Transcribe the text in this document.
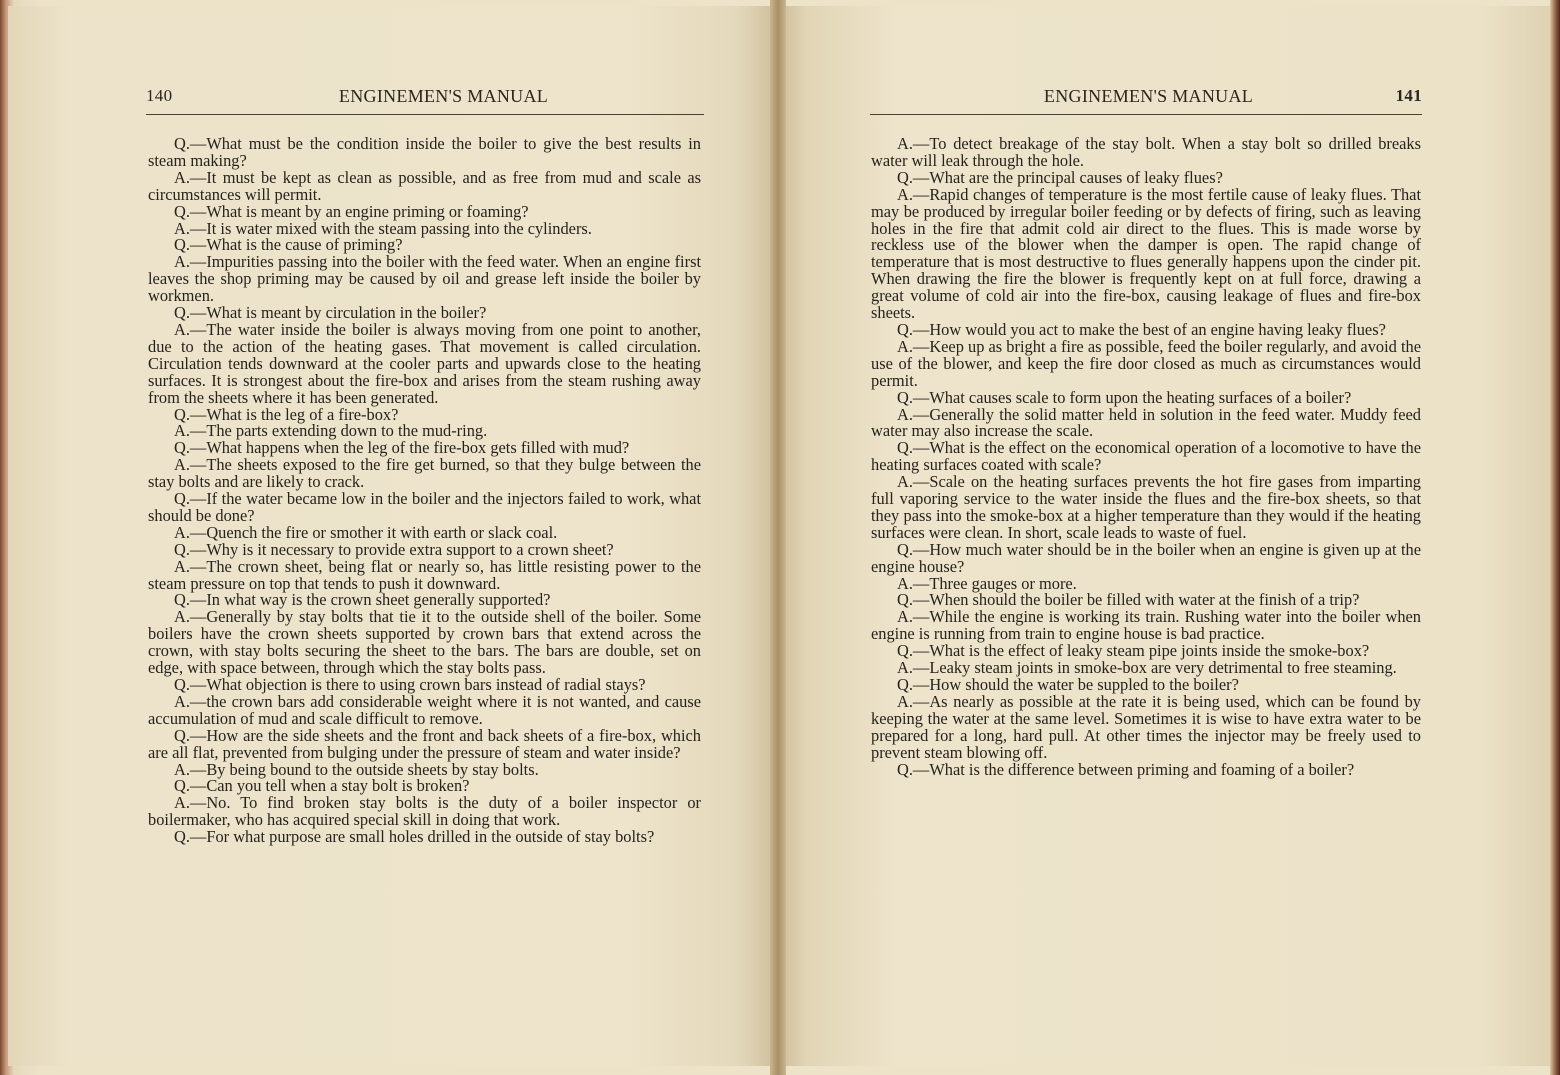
140	ENGINEMEN'S MANUAL

Q.—What must be the condition inside the boiler to give the best results in steam making?

A.—It must be kept as clean as possible, and as free from mud and scale as circumstances will permit.

Q.—What is meant by an engine priming or foaming?

A.—It is water mixed with the steam passing into the cylinders.

Q.—What is the cause of priming?

A.—Impurities passing into the boiler with the feed water. When an engine first leaves the shop priming may be caused by oil and grease left inside the boiler by workmen.

Q.—What is meant by circulation in the boiler?

A.—The water inside the boiler is always moving from one point to another, due to the action of the heating gases. That movement is called circulation. Circulation tends downward at the cooler parts and upwards close to the heating surfaces. It is strongest about the fire-box and arises from the steam rushing away from the sheets where it has been generated.

Q.—What is the leg of a fire-box?

A.—The parts extending down to the mud-ring.

Q.—What happens when the leg of the fire-box gets filled with mud?

A.—The sheets exposed to the fire get burned, so that they bulge between the stay bolts and are likely to crack.

Q.—If the water became low in the boiler and the injectors failed to work, what should be done?

A.—Quench the fire or smother it with earth or slack coal.

Q.—Why is it necessary to provide extra support to a crown sheet?

A.—The crown sheet, being flat or nearly so, has little resisting power to the steam pressure on top that tends to push it downward.

Q.—In what way is the crown sheet generally supported?

A.—Generally by stay bolts that tie it to the outside shell of the boiler. Some boilers have the crown sheets supported by crown bars that extend across the crown, with stay bolts securing the sheet to the bars. The bars are double, set on edge, with space between, through which the stay bolts pass.

Q.—What objection is there to using crown bars instead of radial stays?

A.—the crown bars add considerable weight where it is not wanted, and cause accumulation of mud and scale difficult to remove.

Q.—How are the side sheets and the front and back sheets of a fire-box, which are all flat, prevented from bulging under the pressure of steam and water inside?

A.—By being bound to the outside sheets by stay bolts.

Q.—Can you tell when a stay bolt is broken?

A.—No. To find broken stay bolts is the duty of a boiler inspector or boilermaker, who has acquired special skill in doing that work.

Q.—For what purpose are small holes drilled in the outside of stay bolts?

ENGINEMEN'S MANUAL	141

A.—To detect breakage of the stay bolt. When a stay bolt so drilled breaks water will leak through the hole.

Q.—What are the principal causes of leaky flues?

A.—Rapid changes of temperature is the most fertile cause of leaky flues. That may be produced by irregular boiler feeding or by defects of firing, such as leaving holes in the fire that admit cold air direct to the flues. This is made worse by reckless use of the blower when the damper is open. The rapid change of temperature that is most destructive to flues generally happens upon the cinder pit. When drawing the fire the blower is frequently kept on at full force, drawing a great volume of cold air into the fire-box, causing leakage of flues and fire-box sheets.

Q.—How would you act to make the best of an engine having leaky flues?

A.—Keep up as bright a fire as possible, feed the boiler regularly, and avoid the use of the blower, and keep the fire door closed as much as circumstances would permit.

Q.—What causes scale to form upon the heating surfaces of a boiler?

A.—Generally the solid matter held in solution in the feed water. Muddy feed water may also increase the scale.

Q.—What is the effect on the economical operation of a locomotive to have the heating surfaces coated with scale?

A.—Scale on the heating surfaces prevents the hot fire gases from imparting full vaporing service to the water inside the flues and the fire-box sheets, so that they pass into the smoke-box at a higher temperature than they would if the heating surfaces were clean. In short, scale leads to waste of fuel.

Q.—How much water should be in the boiler when an engine is given up at the engine house?

A.—Three gauges or more.

Q.—When should the boiler be filled with water at the finish of a trip?

A.—While the engine is working its train. Rushing water into the boiler when engine is running from train to engine house is bad practice.

Q.—What is the effect of leaky steam pipe joints inside the smoke-box?

A.—Leaky steam joints in smoke-box are very detrimental to free steaming.

Q.—How should the water be suppled to the boiler?

A.—As nearly as possible at the rate it is being used, which can be found by keeping the water at the same level. Sometimes it is wise to have extra water to be prepared for a long, hard pull. At other times the injector may be freely used to prevent steam blowing off.

Q.—What is the difference between priming and foaming of a boiler?
